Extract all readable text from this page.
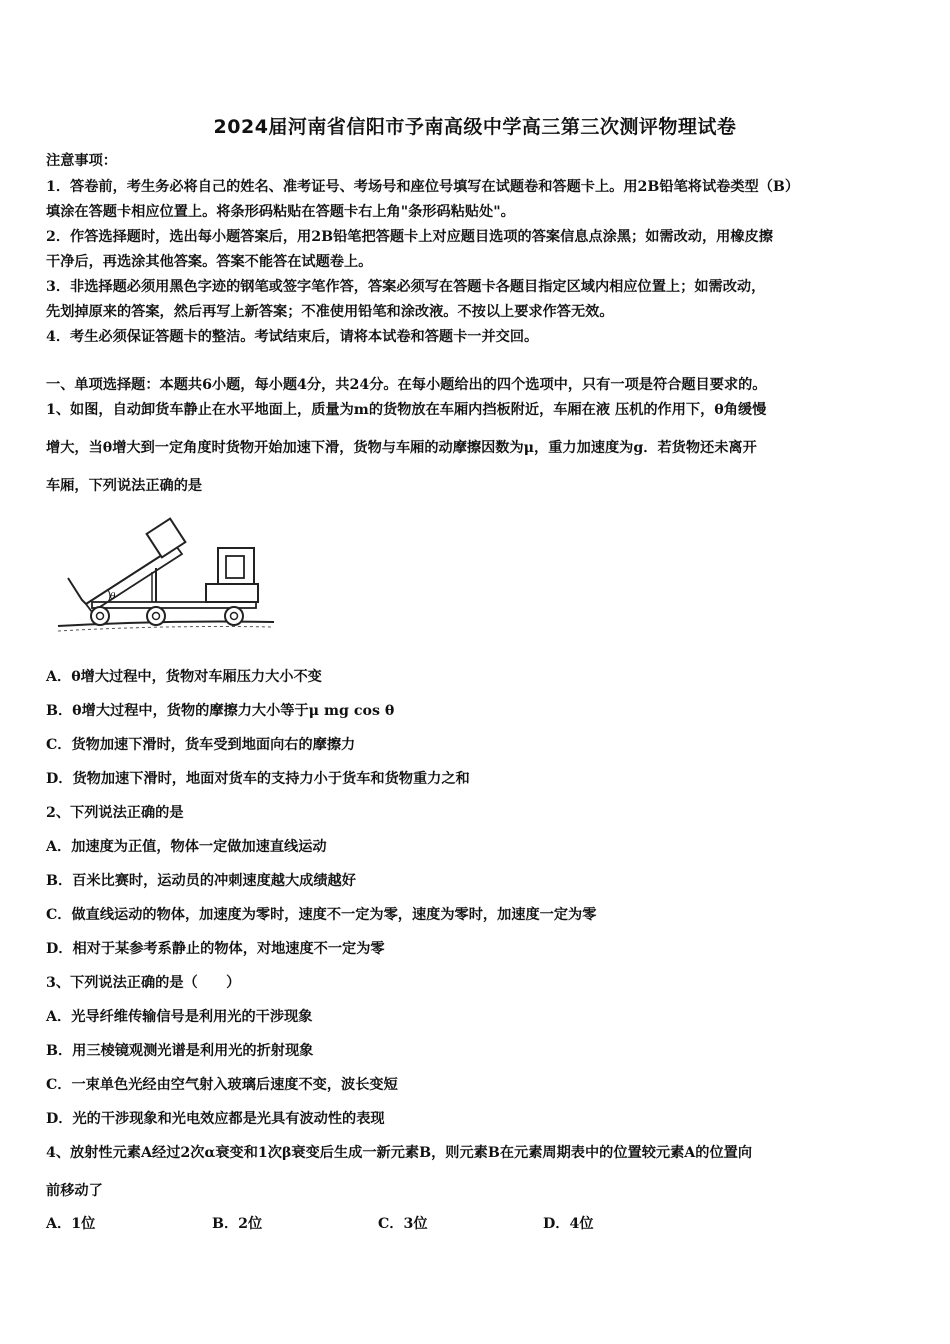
2024届河南省信阳市予南高级中学高三第三次测评物理试卷
注意事项：
1．答卷前，考生务必将自己的姓名、准考证号、考场号和座位号填写在试题卷和答题卡上。用2B铅笔将试卷类型（B）
填涂在答题卡相应位置上。将条形码粘贴在答题卡右上角"条形码粘贴处"。
2．作答选择题时，选出每小题答案后，用2B铅笔把答题卡上对应题目选项的答案信息点涂黑；如需改动，用橡皮擦
干净后，再选涂其他答案。答案不能答在试题卷上。
3．非选择题必须用黑色字迹的钢笔或签字笔作答，答案必须写在答题卡各题目指定区域内相应位置上；如需改动，
先划掉原来的答案，然后再写上新答案；不准使用铅笔和涂改液。不按以上要求作答无效。
4．考生必须保证答题卡的整洁。考试结束后，请将本试卷和答题卡一并交回。
一、单项选择题：本题共6小题，每小题4分，共24分。在每小题给出的四个选项中，只有一项是符合题目要求的。
1、如图，自动卸货车静止在水平地面上，质量为m的货物放在车厢内挡板附近，车厢在液 压机的作用下，θ角缓慢
增大，当θ增大到一定角度时货物开始加速下滑，货物与车厢的动摩擦因数为μ，重力加速度为g．若货物还未离开
车厢，下列说法正确的是
θ
A．θ增大过程中，货物对车厢压力大小不变
B．θ增大过程中，货物的摩擦力大小等于μ mg cos θ
C．货物加速下滑时，货车受到地面向右的摩擦力
D．货物加速下滑时，地面对货车的支持力小于货车和货物重力之和
2、下列说法正确的是
A．加速度为正值，物体一定做加速直线运动
B．百米比赛时，运动员的冲刺速度越大成绩越好
C．做直线运动的物体，加速度为零时，速度不一定为零，速度为零时，加速度一定为零
D．相对于某参考系静止的物体，对地速度不一定为零
3、下列说法正确的是（　　）
A．光导纤维传输信号是利用光的干涉现象
B．用三棱镜观测光谱是利用光的折射现象
C．一束单色光经由空气射入玻璃后速度不变，波长变短
D．光的干涉现象和光电效应都是光具有波动性的表现
4、放射性元素A经过2次α衰变和1次β衰变后生成一新元素B，则元素B在元素周期表中的位置较元素A的位置向
前移动了
A．1位	B．2位	C．3位	D．4位
